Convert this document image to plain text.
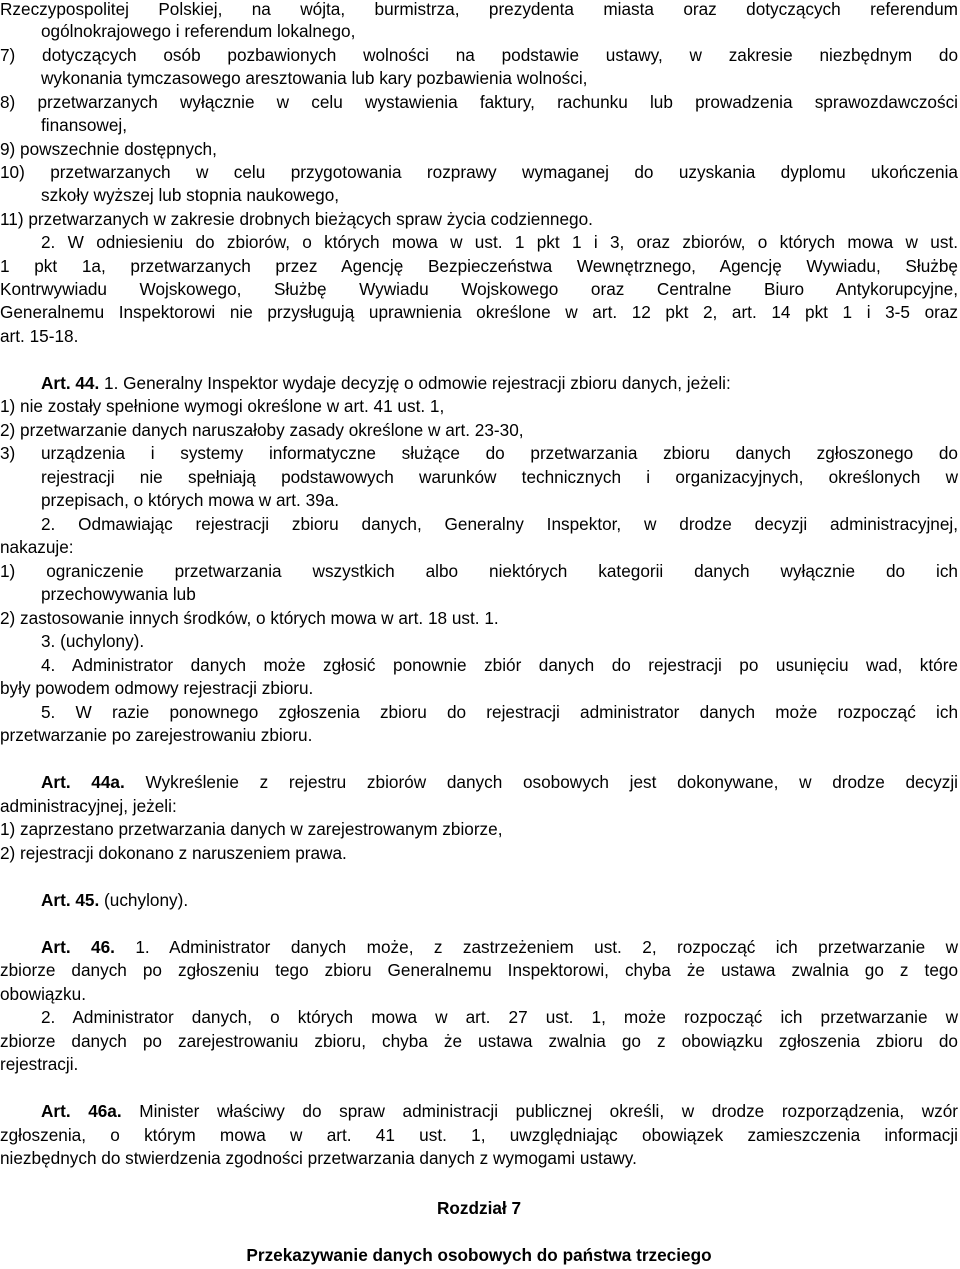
Rzeczypospolitej Polskiej, na wójta, burmistrza, prezydenta miasta oraz dotyczących referendum
ogólnokrajowego i referendum lokalnego,
7) dotyczących osób pozbawionych wolności na podstawie ustawy, w zakresie niezbędnym do
wykonania tymczasowego aresztowania lub kary pozbawienia wolności,
8) przetwarzanych wyłącznie w celu wystawienia faktury, rachunku lub prowadzenia sprawozdawczości
finansowej,
9) powszechnie dostępnych,
10) przetwarzanych w celu przygotowania rozprawy wymaganej do uzyskania dyplomu ukończenia
szkoły wyższej lub stopnia naukowego,
11) przetwarzanych w zakresie drobnych bieżących spraw życia codziennego.
2. W odniesieniu do zbiorów, o których mowa w ust. 1 pkt 1 i 3, oraz zbiorów, o których mowa w ust.
1 pkt 1a, przetwarzanych przez Agencję Bezpieczeństwa Wewnętrznego, Agencję Wywiadu, Służbę
Kontrwywiadu Wojskowego, Służbę Wywiadu Wojskowego oraz Centralne Biuro Antykorupcyjne,
Generalnemu Inspektorowi nie przysługują uprawnienia określone w art. 12 pkt 2, art. 14 pkt 1 i 3-5 oraz
art. 15-18.
Art. 44. 1. Generalny Inspektor wydaje decyzję o odmowie rejestracji zbioru danych, jeżeli:
1) nie zostały spełnione wymogi określone w art. 41 ust. 1,
2) przetwarzanie danych naruszałoby zasady określone w art. 23-30,
3) urządzenia i systemy informatyczne służące do przetwarzania zbioru danych zgłoszonego do
rejestracji nie spełniają podstawowych warunków technicznych i organizacyjnych, określonych w
przepisach, o których mowa w art. 39a.
2. Odmawiając rejestracji zbioru danych, Generalny Inspektor, w drodze decyzji administracyjnej,
nakazuje:
1) ograniczenie przetwarzania wszystkich albo niektórych kategorii danych wyłącznie do ich
przechowywania lub
2) zastosowanie innych środków, o których mowa w art. 18 ust. 1.
3. (uchylony).
4. Administrator danych może zgłosić ponownie zbiór danych do rejestracji po usunięciu wad, które
były powodem odmowy rejestracji zbioru.
5. W razie ponownego zgłoszenia zbioru do rejestracji administrator danych może rozpocząć ich
przetwarzanie po zarejestrowaniu zbioru.
Art. 44a. Wykreślenie z rejestru zbiorów danych osobowych jest dokonywane, w drodze decyzji
administracyjnej, jeżeli:
1) zaprzestano przetwarzania danych w zarejestrowanym zbiorze,
2) rejestracji dokonano z naruszeniem prawa.
Art. 45. (uchylony).
Art. 46. 1. Administrator danych może, z zastrzeżeniem ust. 2, rozpocząć ich przetwarzanie w
zbiorze danych po zgłoszeniu tego zbioru Generalnemu Inspektorowi, chyba że ustawa zwalnia go z tego
obowiązku.
2. Administrator danych, o których mowa w art. 27 ust. 1, może rozpocząć ich przetwarzanie w
zbiorze danych po zarejestrowaniu zbioru, chyba że ustawa zwalnia go z obowiązku zgłoszenia zbioru do
rejestracji.
Art. 46a. Minister właściwy do spraw administracji publicznej określi, w drodze rozporządzenia, wzór
zgłoszenia, o którym mowa w art. 41 ust. 1, uwzględniając obowiązek zamieszczenia informacji
niezbędnych do stwierdzenia zgodności przetwarzania danych z wymogami ustawy.
Rozdział 7
Przekazywanie danych osobowych do państwa trzeciego
